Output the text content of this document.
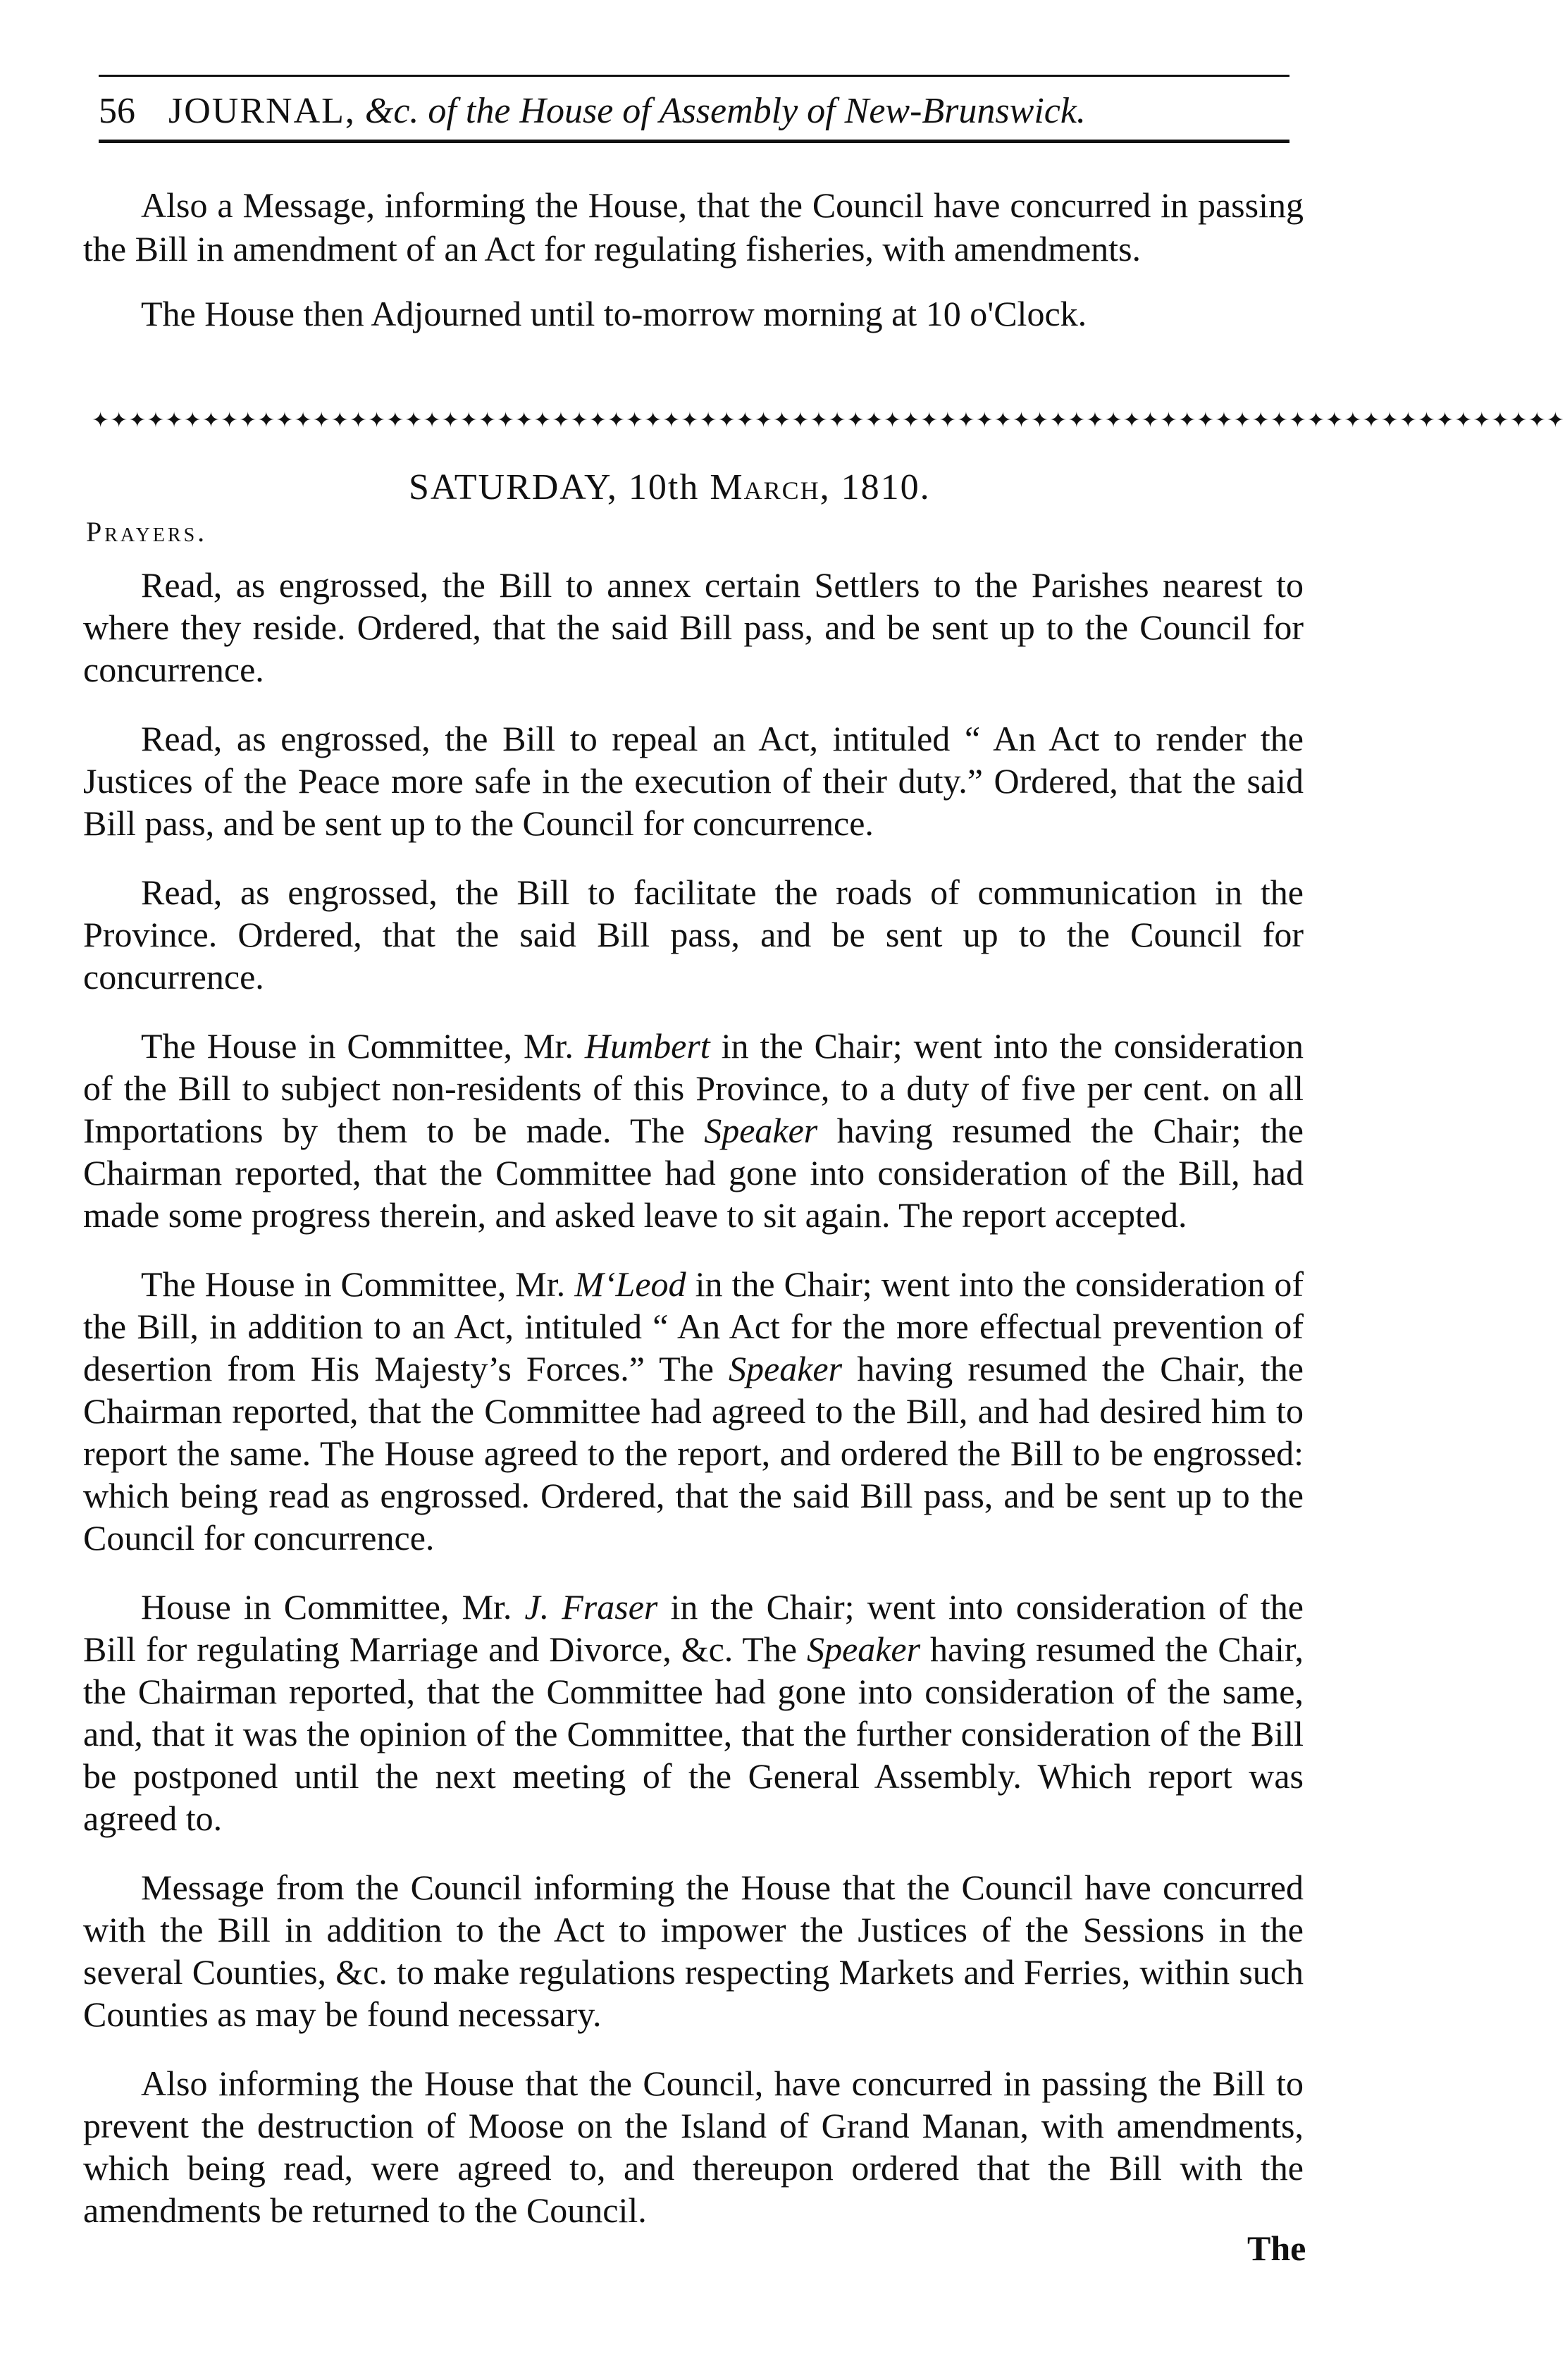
56 JOURNAL, &c. of the House of Assembly of New-Brunswick.

Also a Message, informing the House, that the Council have concurred in passing the Bill in amendment of an Act for regulating fisheries, with amendments.

The House then Adjourned until to-morrow morning at 10 o'Clock.

✦✦✦✦✦✦✦✦✦✦✦✦✦✦✦✦✦✦✦✦✦✦✦✦✦✦✦✦✦✦✦✦✦✦✦✦✦✦✦✦✦✦✦✦✦✦✦✦✦✦✦✦✦✦✦✦✦✦✦✦✦✦✦✦✦✦✦✦✦✦✦✦✦✦✦✦✦✦✦✦
SATURDAY, 10th March, 1810.
Prayers.

Read, as engrossed, the Bill to annex certain Settlers to the Parishes nearest to where they reside. Ordered, that the said Bill pass, and be sent up to the Council for concurrence.

Read, as engrossed, the Bill to repeal an Act, intituled “ An Act to render the Justices of the Peace more safe in the execution of their duty.” Ordered, that the said Bill pass, and be sent up to the Council for concurrence.

Read, as engrossed, the Bill to facilitate the roads of communication in the Province. Ordered, that the said Bill pass, and be sent up to the Council for concurrence.

The House in Committee, Mr. Humbert in the Chair; went into the consideration of the Bill to subject non-residents of this Province, to a duty of five per cent. on all Importations by them to be made. The Speaker having resumed the Chair; the Chairman reported, that the Committee had gone into consideration of the Bill, had made some progress therein, and asked leave to sit again. The report accepted.

The House in Committee, Mr. M‘Leod in the Chair; went into the consideration of the Bill, in addition to an Act, intituled “ An Act for the more effectual prevention of desertion from His Majesty’s Forces.” The Speaker having resumed the Chair, the Chairman reported, that the Committee had agreed to the Bill, and had desired him to report the same. The House agreed to the report, and ordered the Bill to be engrossed: which being read as engrossed. Ordered, that the said Bill pass, and be sent up to the Council for concurrence.

House in Committee, Mr. J. Fraser in the Chair; went into consideration of the Bill for regulating Marriage and Divorce, &c. The Speaker having resumed the Chair, the Chairman reported, that the Committee had gone into consideration of the same, and, that it was the opinion of the Committee, that the further consideration of the Bill be postponed until the next meeting of the General Assembly. Which report was agreed to.

Message from the Council informing the House that the Council have concurred with the Bill in addition to the Act to impower the Justices of the Sessions in the several Counties, &c. to make regulations respecting Markets and Ferries, within such Counties as may be found necessary.

Also informing the House that the Council, have concurred in passing the Bill to prevent the destruction of Moose on the Island of Grand Manan, with amendments, which being read, were agreed to, and thereupon ordered that the Bill with the amendments be returned to the Council.

The
